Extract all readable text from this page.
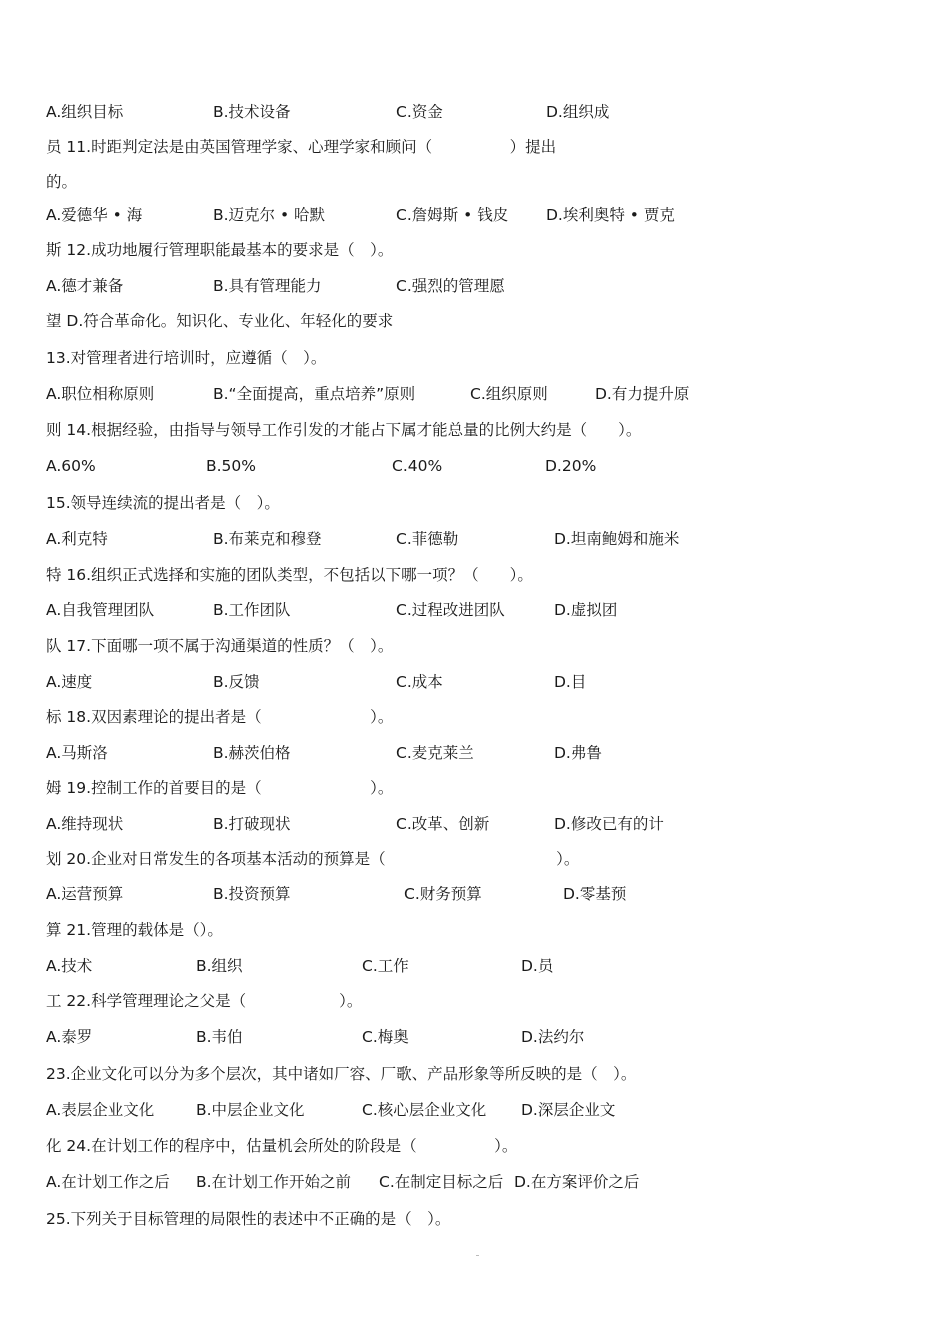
A.组织目标	B.技术设备	C.资金	D.组织成
员 11.时距判定法是由英国管理学家、心理学家和顾问（　　　　　）提出
的。
A.爱德华 • 海	B.迈克尔 • 哈默	C.詹姆斯 • 钱皮 D.埃利奥特 • 贾克
斯 12.成功地履行管理职能最基本的要求是（　）。
A.德才兼备	B.具有管理能力	C.强烈的管理愿
望 D.符合革命化。知识化、专业化、年轻化的要求
13.对管理者进行培训时，应遵循（　）。
A.职位相称原则	B.“全面提高，重点培养”原则	C.组织原则	D.有力提升原
则 14.根据经验，由指导与领导工作引发的才能占下属才能总量的比例大约是（　　）。
A.60%	B.50%	C.40%	D.20%
15.领导连续流的提出者是（　）。
A.利克特	B.布莱克和穆登	C.菲德勒	D.坦南鲍姆和施米
特 16.组织正式选择和实施的团队类型，不包括以下哪一项？（　　）。
A.自我管理团队	B.工作团队	C.过程改进团队	D.虚拟团
队 17.下面哪一项不属于沟通渠道的性质？（　）。
A.速度	B.反馈	C.成本	D.目
标 18.双因素理论的提出者是（　　　　　　　）。
A.马斯洛	B.赫茨伯格	C.麦克莱兰	D.弗鲁
姆 19.控制工作的首要目的是（　　　　　　　）。
A.维持现状	B.打破现状	C.改革、创新	D.修改已有的计
划 20.企业对日常发生的各项基本活动的预算是（　　　　　　　　　　　）。
A.运营预算	B.投资预算	C.财务预算	D.零基预
算 21.管理的载体是（）。
A.技术	B.组织	C.工作	D.员
工 22.科学管理理论之父是（　　　　　　）。
A.泰罗	B.韦伯	C.梅奥	D.法约尔
23.企业文化可以分为多个层次，其中诸如厂容、厂歌、产品形象等所反映的是（　）。
A.表层企业文化	B.中层企业文化	C.核心层企业文化 D.深层企业文
化 24.在计划工作的程序中，估量机会所处的阶段是（　　　　　）。
A.在计划工作之后 B.在计划工作开始之前 C.在制定目标之后 D.在方案评价之后
25.下列关于目标管理的局限性的表述中不正确的是（　）。
